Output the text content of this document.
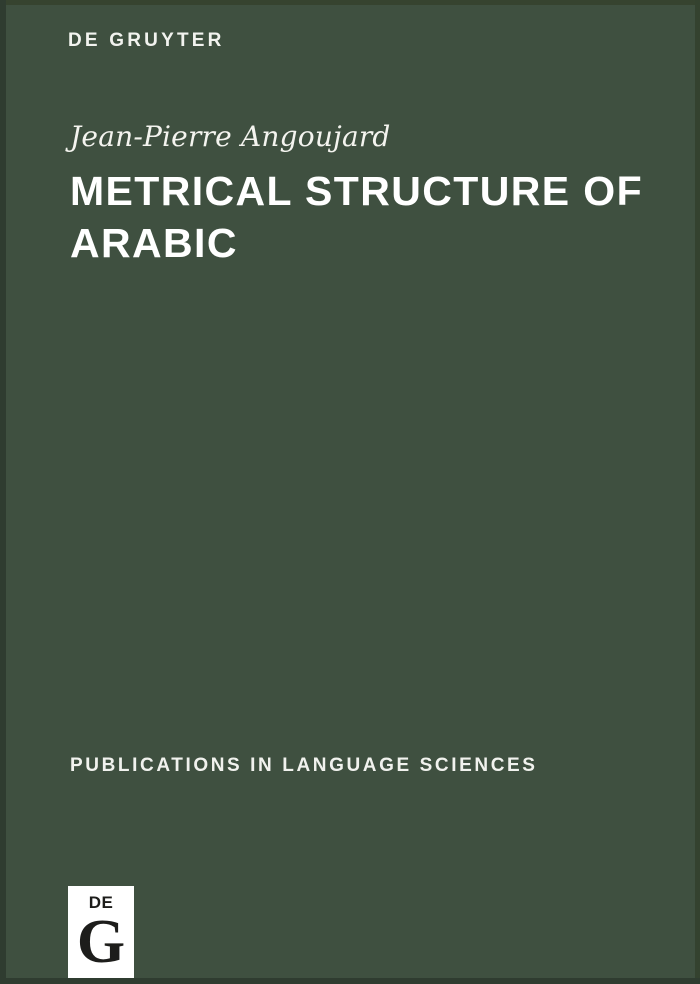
DE GRUYTER
Jean-Pierre Angoujard
METRICAL STRUCTURE OF ARABIC
PUBLICATIONS IN LANGUAGE SCIENCES
DE
G
